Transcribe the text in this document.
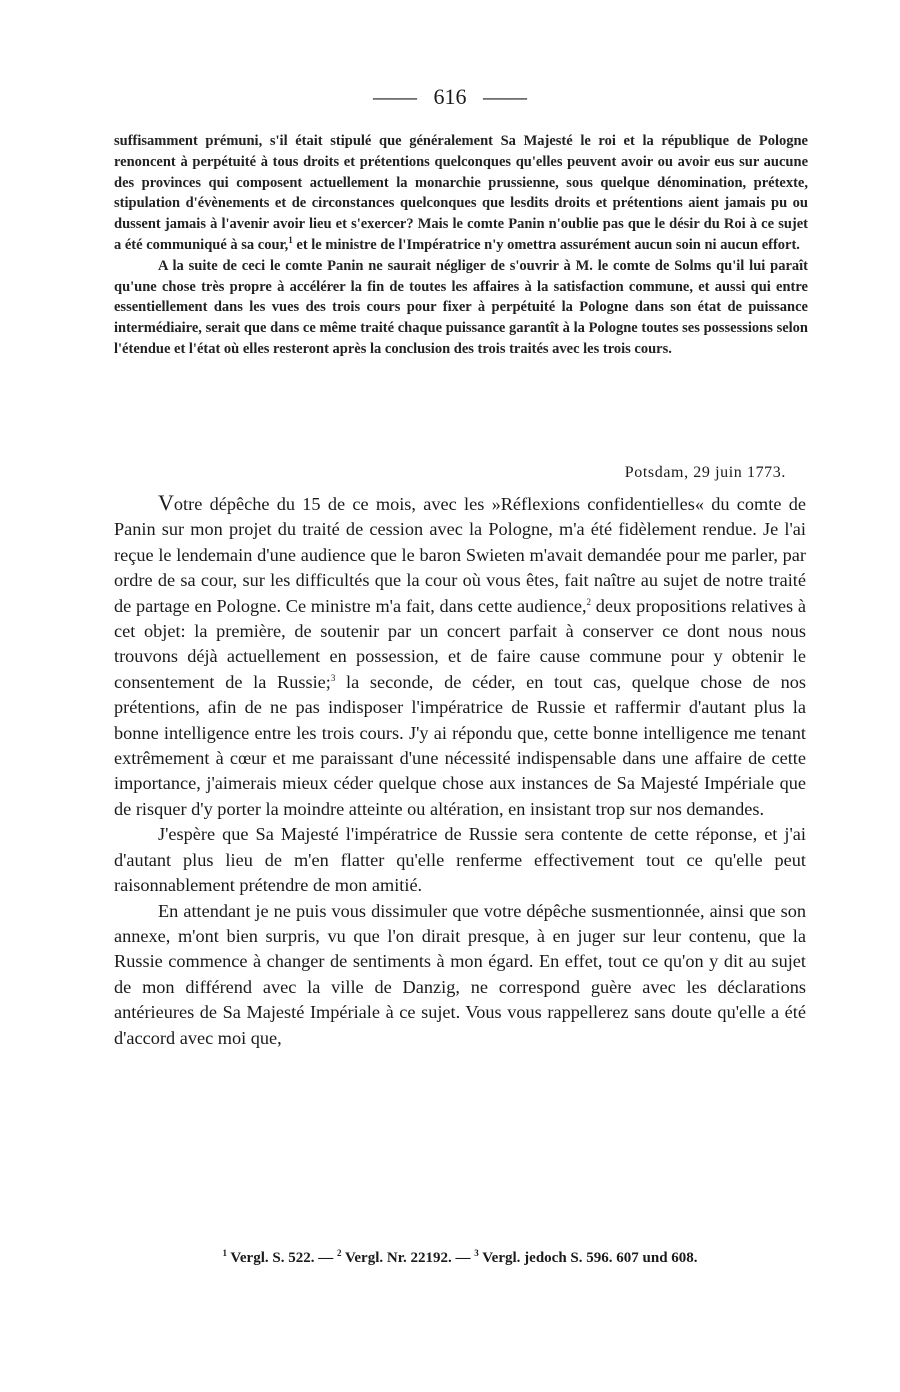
—— 616 ——

suffisamment prémuni, s'il était stipulé que généralement Sa Majesté le roi et la république de Pologne renoncent à perpétuité à tous droits et prétentions quelconques qu'elles peuvent avoir ou avoir eus sur aucune des provinces qui composent actuellement la monarchie prussienne, sous quelque dénomination, prétexte, stipulation d'évènements et de circonstances quelconques que lesdits droits et prétentions aient jamais pu ou dussent jamais à l'avenir avoir lieu et s'exercer? Mais le comte Panin n'oublie pas que le désir du Roi à ce sujet a été communiqué à sa cour,$^1$ et le ministre de l'Impératrice n'y omettra assurément aucun soin ni aucun effort.

A la suite de ceci le comte Panin ne saurait négliger de s'ouvrir à M. le comte de Solms qu'il lui paraît qu'une chose très propre à accélérer la fin de toutes les affaires à la satisfaction commune, et aussi qui entre essentiellement dans les vues des trois cours pour fixer à perpétuité la Pologne dans son état de puissance intermédiaire, serait que dans ce même traité chaque puissance garantît à la Pologne toutes ses possessions selon l'étendue et l'état où elles resteront après la conclusion des trois traités avec les trois cours.

Potsdam, 29 juin 1773.

Votre dépêche du 15 de ce mois, avec les »Réflexions confidentielles« du comte de Panin sur mon projet du traité de cession avec la Pologne, m'a été fidèlement rendue. Je l'ai reçue le lendemain d'une audience que le baron Swieten m'avait demandée pour me parler, par ordre de sa cour, sur les difficultés que la cour où vous êtes, fait naître au sujet de notre traité de partage en Pologne. Ce ministre m'a fait, dans cette audience,$^2$ deux propositions relatives à cet objet: la première, de soutenir par un concert parfait à conserver ce dont nous nous trouvons déjà actuellement en possession, et de faire cause commune pour y obtenir le consentement de la Russie;$^3$ la seconde, de céder, en tout cas, quelque chose de nos prétentions, afin de ne pas indisposer l'impératrice de Russie et raffermir d'autant plus la bonne intelligence entre les trois cours. J'y ai répondu que, cette bonne intelligence me tenant extrêmement à cœur et me paraissant d'une nécessité indispensable dans une affaire de cette importance, j'aimerais mieux céder quelque chose aux instances de Sa Majesté Impériale que de risquer d'y porter la moindre atteinte ou altération, en insistant trop sur nos demandes.

J'espère que Sa Majesté l'impératrice de Russie sera contente de cette réponse, et j'ai d'autant plus lieu de m'en flatter qu'elle renferme effectivement tout ce qu'elle peut raisonnablement prétendre de mon amitié.

En attendant je ne puis vous dissimuler que votre dépêche susmentionnée, ainsi que son annexe, m'ont bien surpris, vu que l'on dirait presque, à en juger sur leur contenu, que la Russie commence à changer de sentiments à mon égard. En effet, tout ce qu'on y dit au sujet de mon différend avec la ville de Danzig, ne correspond guère avec les déclarations antérieures de Sa Majesté Impériale à ce sujet. Vous vous rappellerez sans doute qu'elle a été d'accord avec moi que,

$^1$ Vergl. S. 522. — $^2$ Vergl. Nr. 22192. — $^3$ Vergl. jedoch S. 596. 607 und 608.
